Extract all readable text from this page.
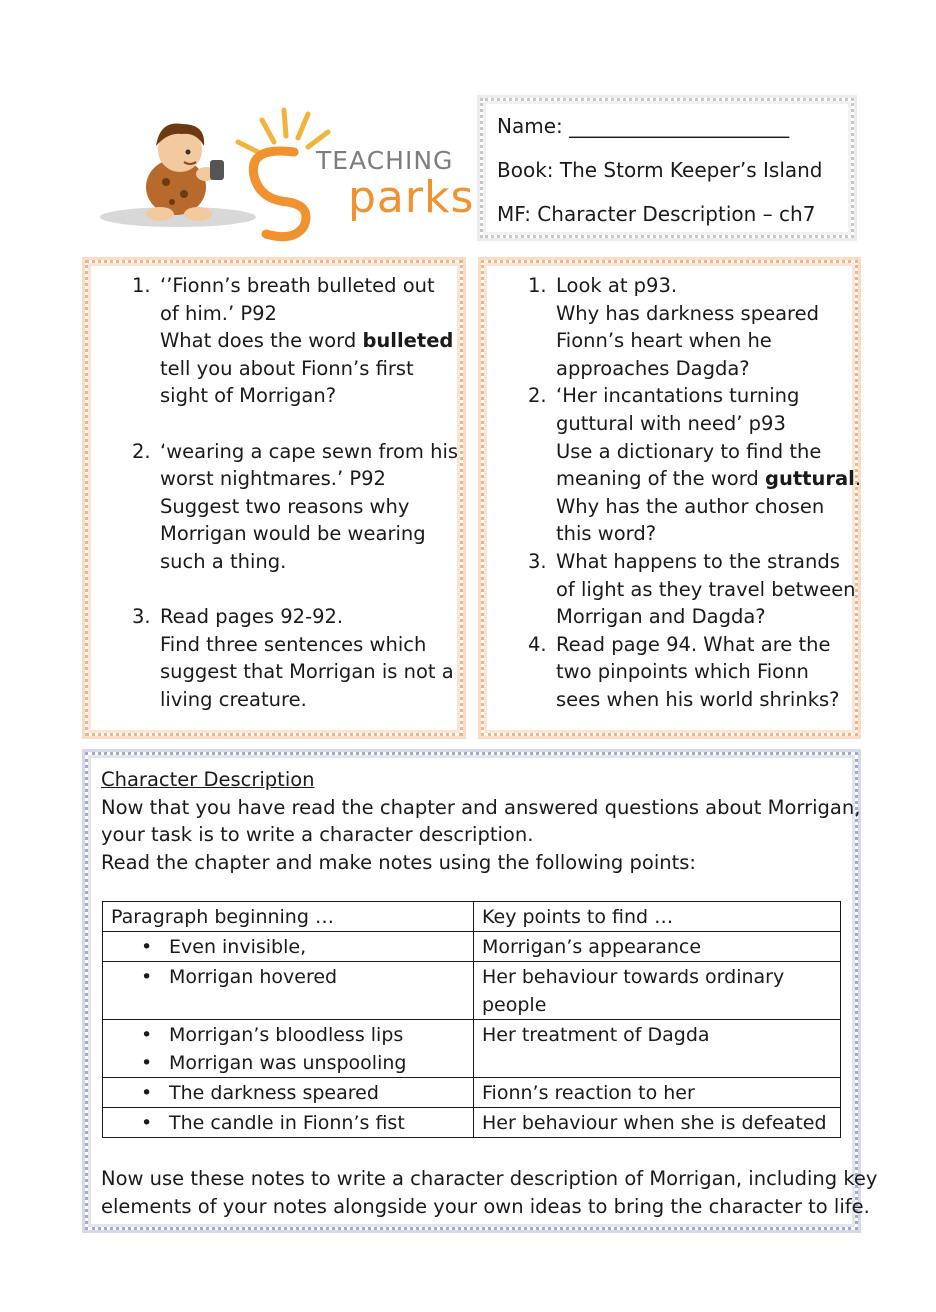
TEACHING
parks
Name: ______________________
Book: The Storm Keeper’s Island
MF: Character Description – ch7
1. ‘’Fionn’s breath bulleted out
of him.’ P92
What does the word bulleted
tell you about Fionn’s first
sight of Morrigan?
2. ‘wearing a cape sewn from his
worst nightmares.’ P92
Suggest two reasons why
Morrigan would be wearing
such a thing.
3. Read pages 92-92.
Find three sentences which
suggest that Morrigan is not a
living creature.
1. Look at p93.
Why has darkness speared
Fionn’s heart when he
approaches Dagda?
2. ‘Her incantations turning
guttural with need’ p93
Use a dictionary to find the
meaning of the word guttural.
Why has the author chosen
this word?
3. What happens to the strands
of light as they travel between
Morrigan and Dagda?
4. Read page 94. What are the
two pinpoints which Fionn
sees when his world shrinks?
Character Description
Now that you have read the chapter and answered questions about Morrigan,
your task is to write a character description.
Read the chapter and make notes using the following points:
Paragraph beginning …	Key points to find …

• Even invisible,	Morrigan’s appearance

• Morrigan hovered	Her behaviour towards ordinary
people

• Morrigan’s bloodless lips
• Morrigan was unspooling	Her treatment of Dagda

• The darkness speared	Fionn’s reaction to her

• The candle in Fionn’s fist	Her behaviour when she is defeated
Now use these notes to write a character description of Morrigan, including key
elements of your notes alongside your own ideas to bring the character to life.
